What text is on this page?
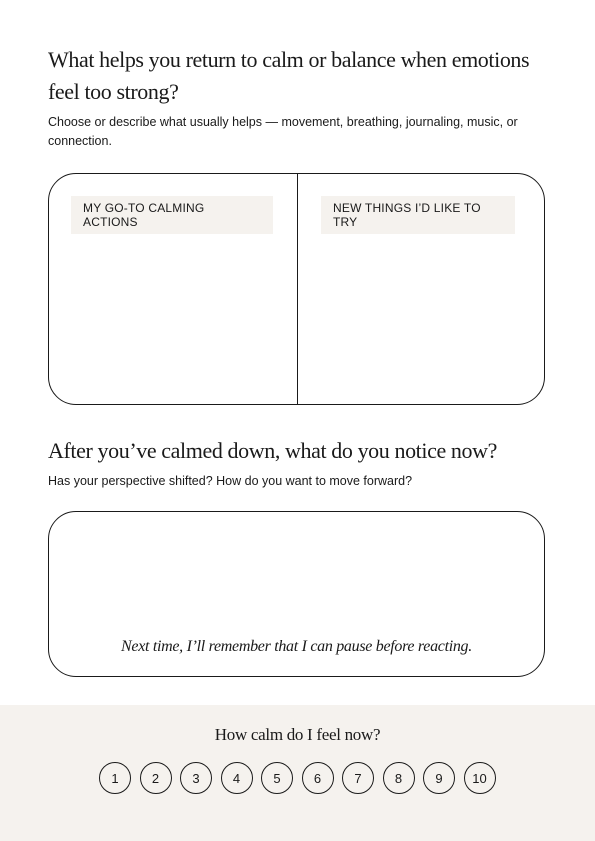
What helps you return to calm or balance when emotions feel too strong?

Choose or describe what usually helps — movement, breathing, journaling, music, or connection.

MY GO-TO CALMING ACTIONS
NEW THINGS I’D LIKE TO TRY
After you’ve calmed down, what do you notice now?

Has your perspective shifted? How do you want to move forward?

Next time, I’ll remember that I can pause before reacting.
How calm do I feel now?
1	2	3	4	5	6	7	8	9	10
